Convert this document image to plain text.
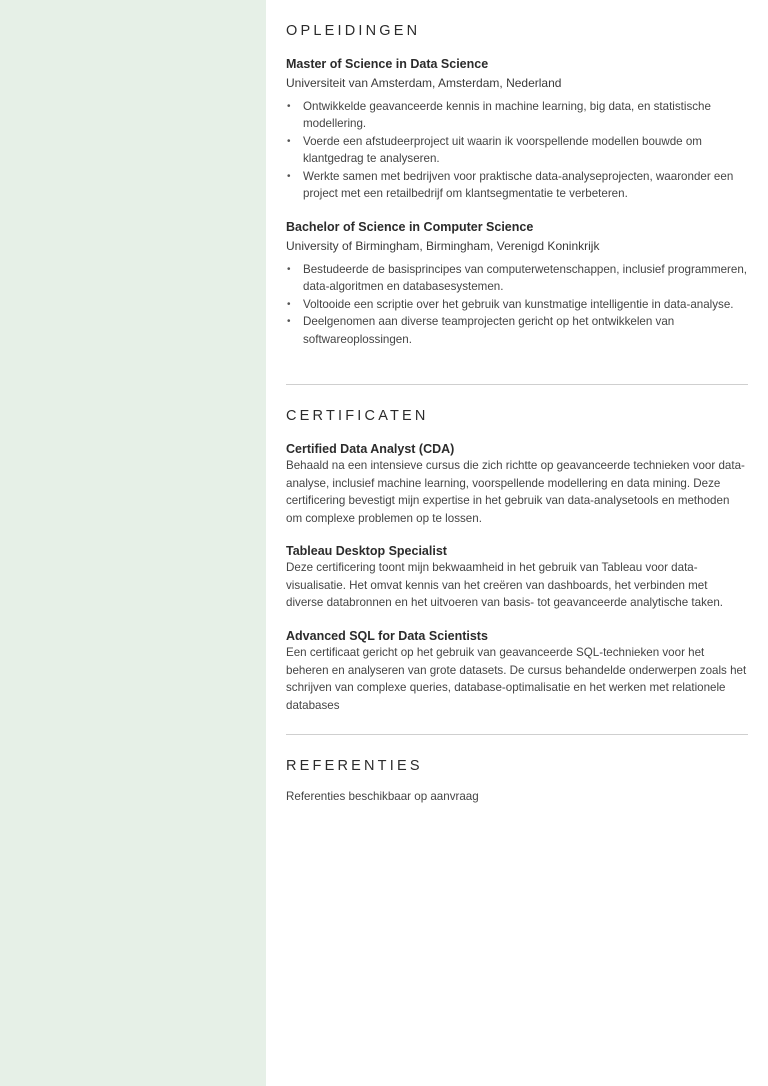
OPLEIDINGEN

Master of Science in Data Science

Universiteit van Amsterdam, Amsterdam, Nederland

• Ontwikkelde geavanceerde kennis in machine learning, big data, en statistische modellering.
• Voerde een afstudeerproject uit waarin ik voorspellende modellen bouwde om klantgedrag te analyseren.
• Werkte samen met bedrijven voor praktische data-analyseprojecten, waaronder een project met een retailbedrijf om klantsegmentatie te verbeteren.

Bachelor of Science in Computer Science

University of Birmingham, Birmingham, Verenigd Koninkrijk

• Bestudeerde de basisprincipes van computerwetenschappen, inclusief programmeren, data-algoritmen en databasesystemen.
• Voltooide een scriptie over het gebruik van kunstmatige intelligentie in data-analyse.
• Deelgenomen aan diverse teamprojecten gericht op het ontwikkelen van softwareoplossingen.
CERTIFICATEN

Certified Data Analyst (CDA)

Behaald na een intensieve cursus die zich richtte op geavanceerde technieken voor data-analyse, inclusief machine learning, voorspellende modellering en data mining. Deze certificering bevestigt mijn expertise in het gebruik van data-analysetools en methoden om complexe problemen op te lossen.

Tableau Desktop Specialist

Deze certificering toont mijn bekwaamheid in het gebruik van Tableau voor data-visualisatie. Het omvat kennis van het creëren van dashboards, het verbinden met diverse databronnen en het uitvoeren van basis- tot geavanceerde analytische taken.

Advanced SQL for Data Scientists

Een certificaat gericht op het gebruik van geavanceerde SQL-technieken voor het beheren en analyseren van grote datasets. De cursus behandelde onderwerpen zoals het schrijven van complexe queries, database-optimalisatie en het werken met relationele databases

REFERENTIES

Referenties beschikbaar op aanvraag
